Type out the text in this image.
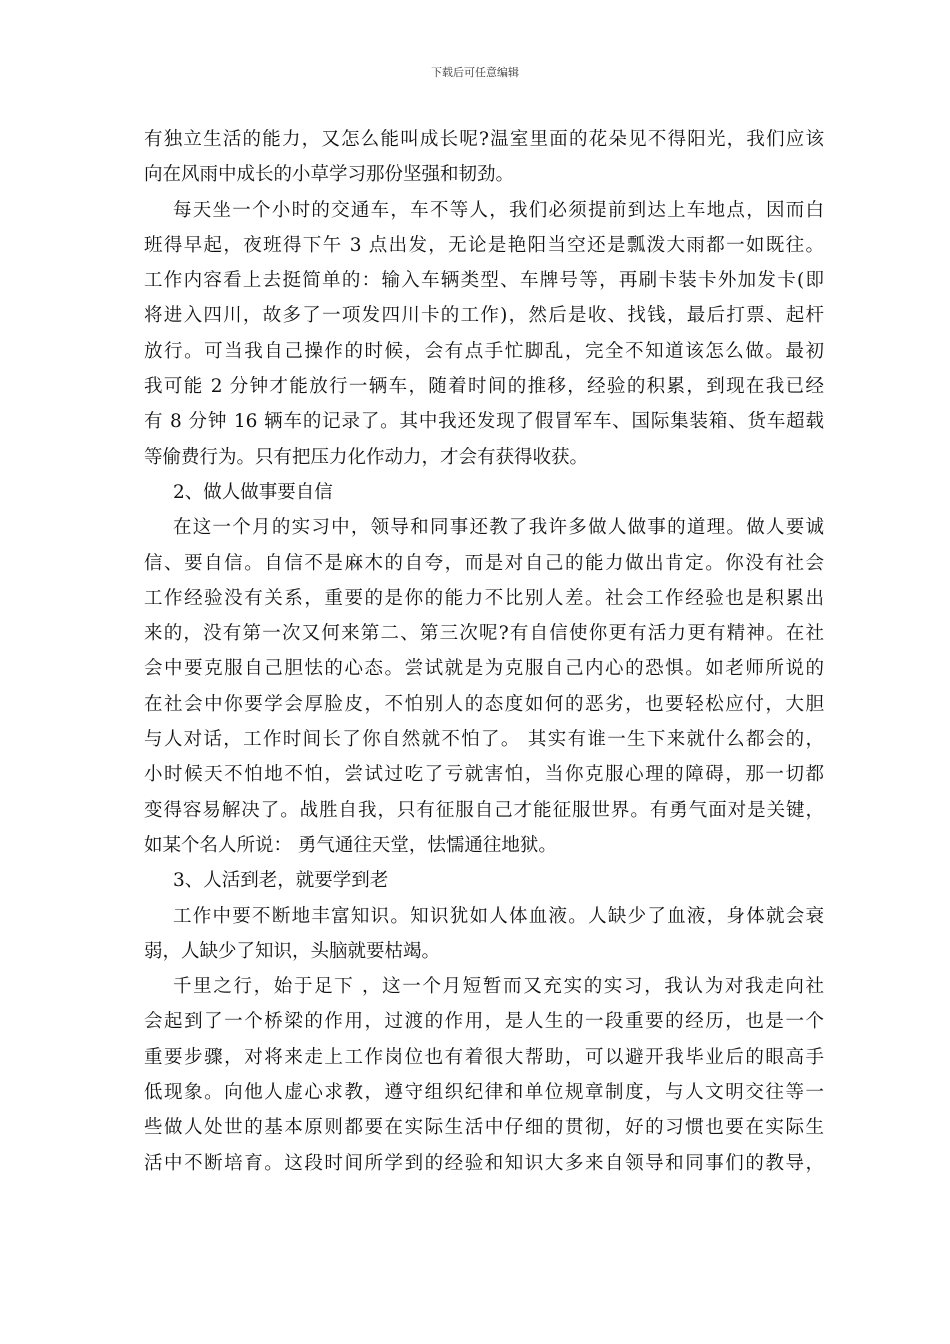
下载后可任意编辑
有独立生活的能力，又怎么能叫成长呢?温室里面的花朵见不得阳光，我们应该
向在风雨中成长的小草学习那份坚强和韧劲。
每天坐一个小时的交通车，车不等人，我们必须提前到达上车地点，因而白
班得早起，夜班得下午 3 点出发，无论是艳阳当空还是瓢泼大雨都一如既往。
工作内容看上去挺简单的：输入车辆类型、车牌号等，再刷卡装卡外加发卡(即
将进入四川，故多了一项发四川卡的工作)，然后是收、找钱，最后打票、起杆
放行。可当我自己操作的时候，会有点手忙脚乱，完全不知道该怎么做。最初
我可能 2 分钟才能放行一辆车，随着时间的推移，经验的积累，到现在我已经
有 8 分钟 16 辆车的记录了。其中我还发现了假冒军车、国际集装箱、货车超载
等偷费行为。只有把压力化作动力，才会有获得收获。
2、做人做事要自信
在这一个月的实习中，领导和同事还教了我许多做人做事的道理。做人要诚
信、要自信。自信不是麻木的自夸，而是对自己的能力做出肯定。你没有社会
工作经验没有关系，重要的是你的能力不比别人差。社会工作经验也是积累出
来的，没有第一次又何来第二、第三次呢?有自信使你更有活力更有精神。在社
会中要克服自己胆怯的心态。尝试就是为克服自己内心的恐惧。如老师所说的
在社会中你要学会厚脸皮，不怕别人的态度如何的恶劣，也要轻松应付，大胆
与人对话，工作时间长了你自然就不怕了。 其实有谁一生下来就什么都会的，
小时候天不怕地不怕，尝试过吃了亏就害怕，当你克服心理的障碍，那一切都
变得容易解决了。战胜自我，只有征服自己才能征服世界。有勇气面对是关键，
如某个名人所说： 勇气通往天堂，怯懦通往地狱。
3、人活到老，就要学到老
工作中要不断地丰富知识。知识犹如人体血液。人缺少了血液，身体就会衰
弱，人缺少了知识，头脑就要枯竭。
千里之行，始于足下 ，这一个月短暂而又充实的实习，我认为对我走向社
会起到了一个桥梁的作用，过渡的作用，是人生的一段重要的经历，也是一个
重要步骤，对将来走上工作岗位也有着很大帮助，可以避开我毕业后的眼高手
低现象。向他人虚心求教，遵守组织纪律和单位规章制度，与人文明交往等一
些做人处世的基本原则都要在实际生活中仔细的贯彻，好的习惯也要在实际生
活中不断培育。这段时间所学到的经验和知识大多来自领导和同事们的教导，
